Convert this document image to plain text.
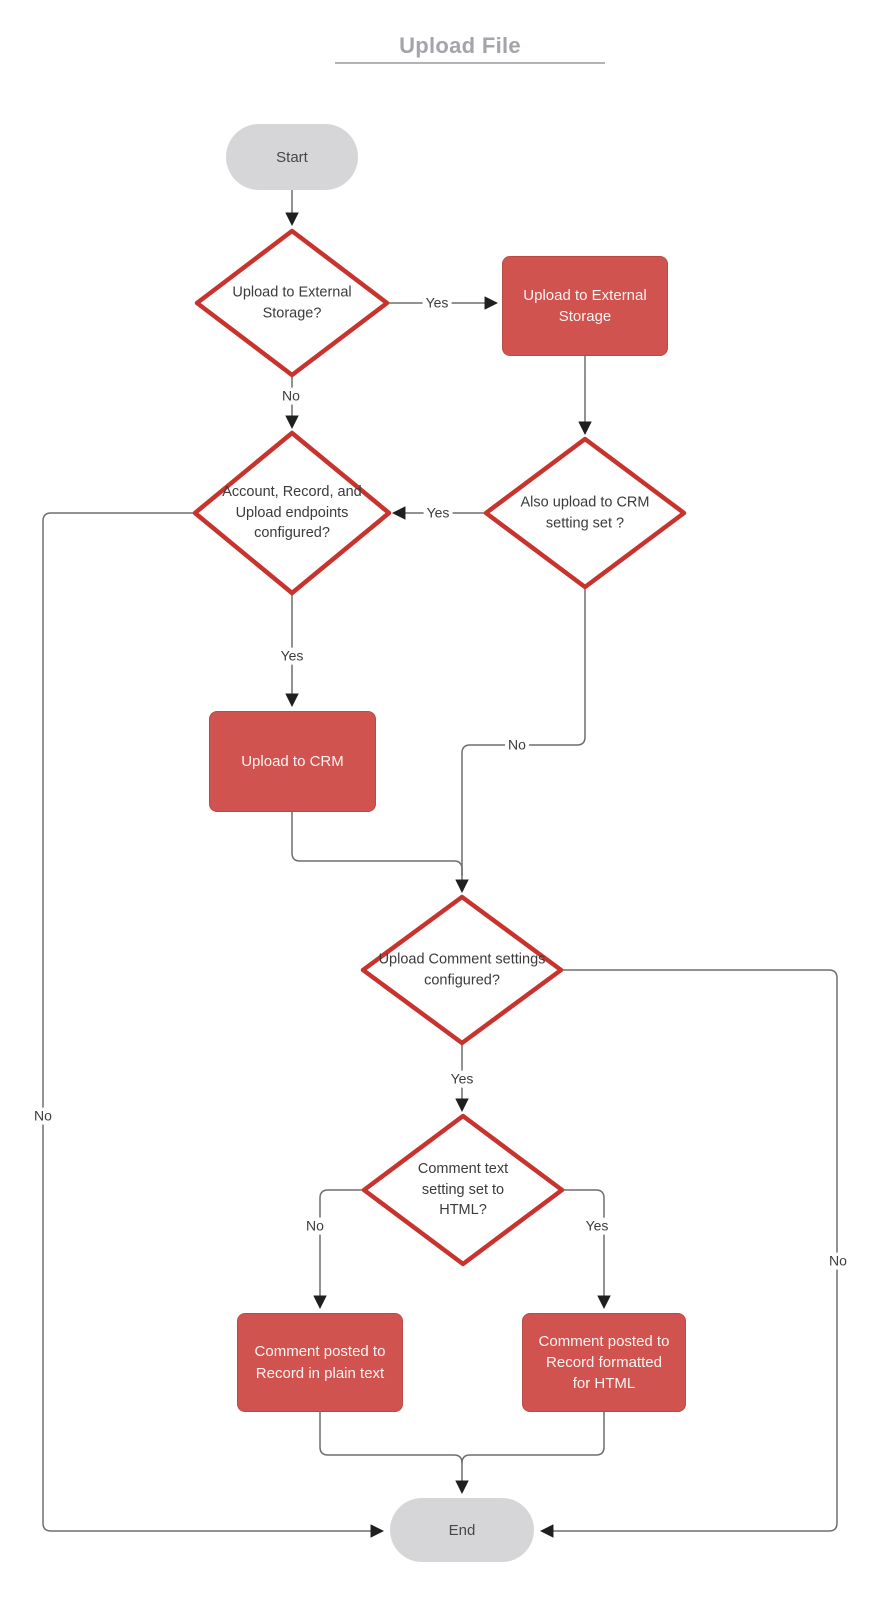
Upload File
Start
Upload to External Storage
Upload to CRM
Comment posted to Record in plain text
Comment posted to Record formatted for HTML
End
Upload to External Storage?
Also upload to CRM setting set ?
Account, Record, and Upload endpoints configured?
Upload Comment settings configured?
Comment text setting set to HTML?
Yes
No
Yes
No
Yes
No
Yes
No
No	Yes
